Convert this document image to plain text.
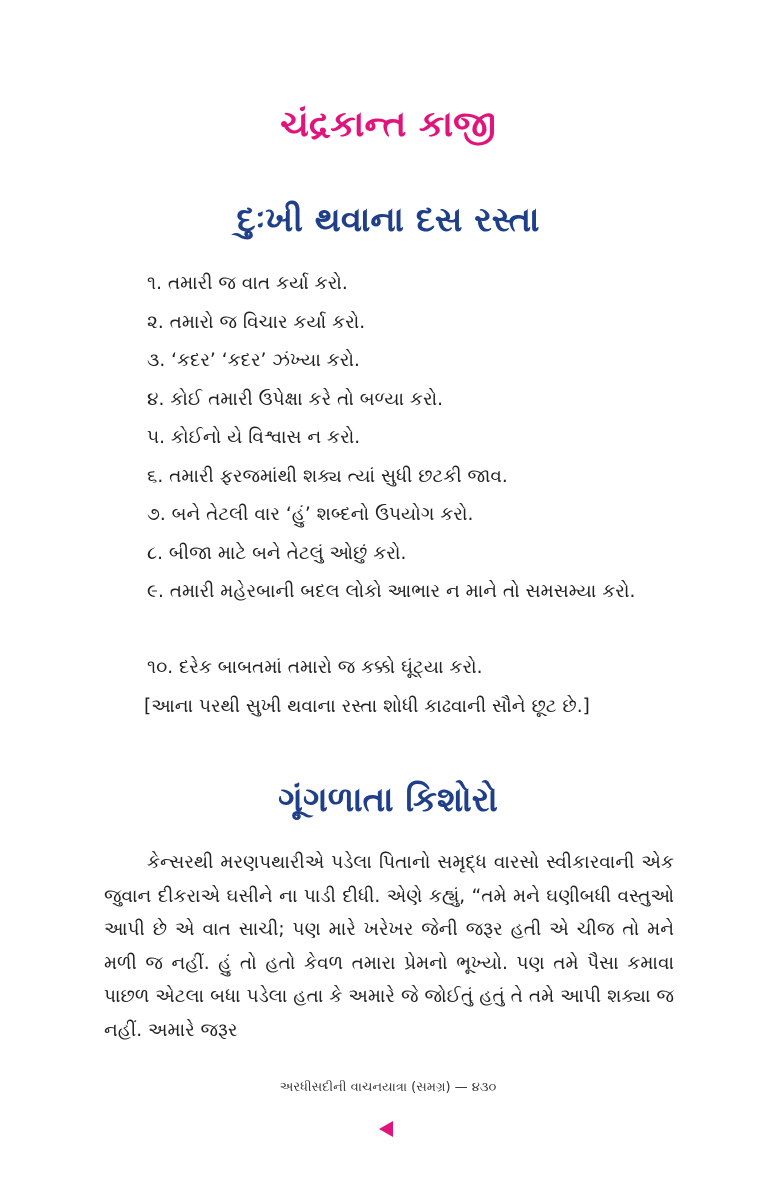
ચંદ્રકાન્ત કાજી
દુઃખી થવાના દસ રસ્તા
૧. તમારી જ વાત કર્યા કરો.
૨. તમારો જ વિચાર કર્યા કરો.
૩. ‘કદર’ ‘કદર’ ઝંખ્યા કરો.
૪. કોઈ તમારી ઉપેક્ષા કરે તો બળ્યા કરો.
૫. કોઈનો યે વિશ્વાસ ન કરો.
૬. તમારી ફરજમાંથી શક્ય ત્યાં સુધી છટકી જાવ.
૭. બને તેટલી વાર ‘હું’ શબ્દનો ઉપયોગ કરો.
૮. બીજા માટે બને તેટલું ઓછું કરો.
૯. તમારી મહેરબાની બદલ લોકો આભાર ન માને તો સમસમ્યા કરો.
૧૦. દરેક બાબતમાં તમારો જ કક્કો ઘૂંટ્યા કરો.
[આના પરથી સુખી થવાના રસ્તા શોધી કાઢવાની સૌને છૂટ છે.]
ગૂંગળાતા કિશોરો

કેન્સરથી મરણપથારીએ પડેલા પિતાનો સમૃદ્ધ વારસો સ્વીકારવાની એક જુવાન દીકરાએ ઘસીને ના પાડી દીધી. એણે કહ્યું, “તમે મને ઘણીબધી વસ્તુઓ આપી છે એ વાત સાચી; પણ મારે ખરેખર જેની જરૂર હતી એ ચીજ તો મને મળી જ નહીં. હું તો હતો કેવળ તમારા પ્રેમનો ભૂખ્યો. પણ તમે પૈસા કમાવા પાછળ એટલા બધા પડેલા હતા કે અમારે જે જોઈતું હતું તે તમે આપી શક્યા જ નહીં. અમારે જરૂર

અરધીસદીની વાચનયાત્રા (સમગ્ર) — ૪૩૦
